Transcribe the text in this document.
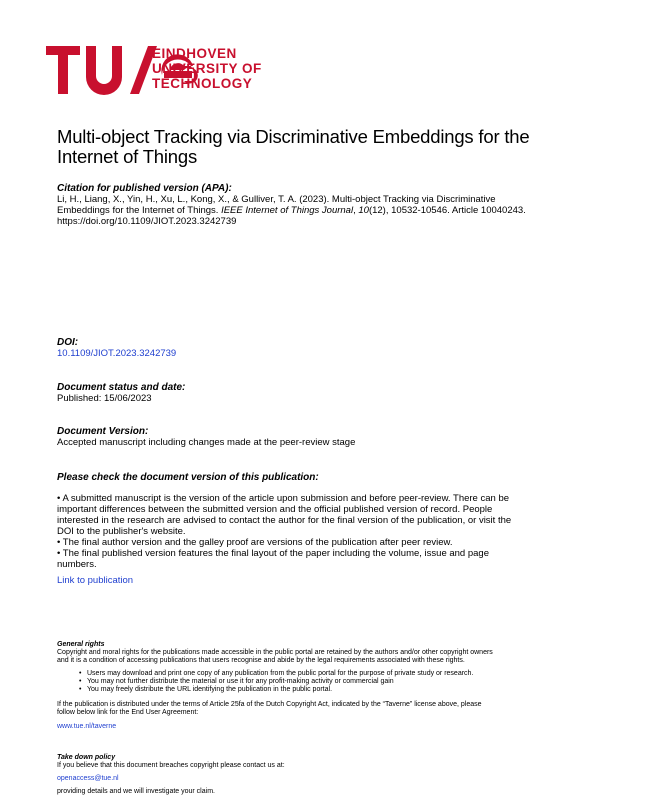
EINDHOVEN
UNIVERSITY OF
TECHNOLOGY
Multi-object Tracking via Discriminative Embeddings for the
Internet of Things
Citation for published version (APA):
Li, H., Liang, X., Yin, H., Xu, L., Kong, X., & Gulliver, T. A. (2023). Multi-object Tracking via Discriminative
Embeddings for the Internet of Things. IEEE Internet of Things Journal, 10(12), 10532-10546. Article 10040243.
https://doi.org/10.1109/JIOT.2023.3242739
DOI:
10.1109/JIOT.2023.3242739
Document status and date:
Published: 15/06/2023
Document Version:
Accepted manuscript including changes made at the peer-review stage
Please check the document version of this publication:
• A submitted manuscript is the version of the article upon submission and before peer-review. There can be
important differences between the submitted version and the official published version of record. People
interested in the research are advised to contact the author for the final version of the publication, or visit the
DOI to the publisher's website.
• The final author version and the galley proof are versions of the publication after peer review.
• The final published version features the final layout of the paper including the volume, issue and page
numbers.
Link to publication
General rights
Copyright and moral rights for the publications made accessible in the public portal are retained by the authors and/or other copyright owners
and it is a condition of accessing publications that users recognise and abide by the legal requirements associated with these rights.
• Users may download and print one copy of any publication from the public portal for the purpose of private study or research.
• You may not further distribute the material or use it for any profit-making activity or commercial gain
• You may freely distribute the URL identifying the publication in the public portal.
If the publication is distributed under the terms of Article 25fa of the Dutch Copyright Act, indicated by the “Taverne” license above, please
follow below link for the End User Agreement:
www.tue.nl/taverne
Take down policy
If you believe that this document breaches copyright please contact us at:
openaccess@tue.nl
providing details and we will investigate your claim.
